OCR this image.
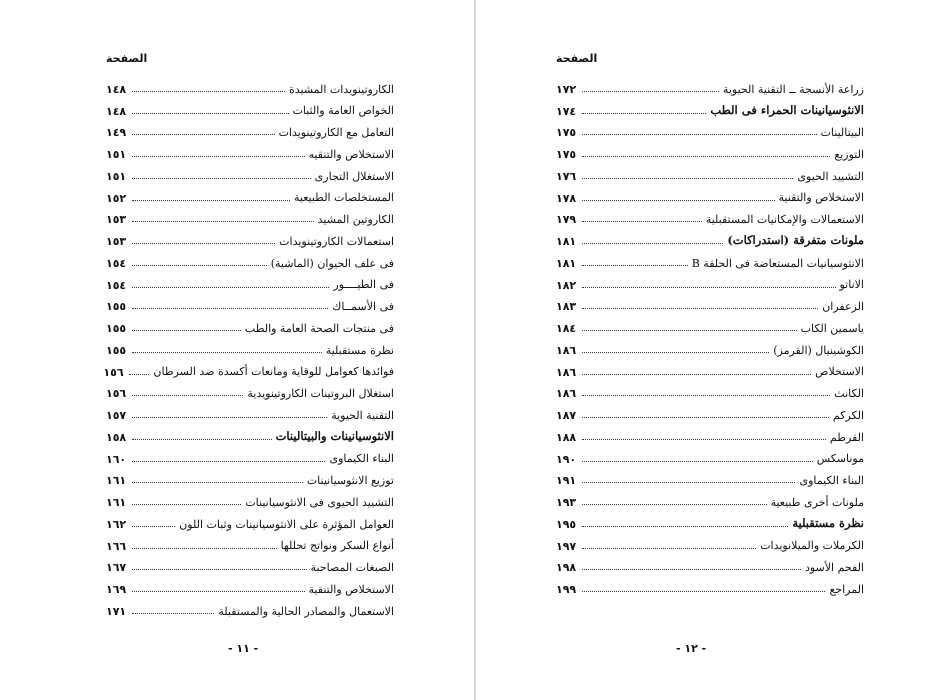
الصفحة
الكاروتينويدات المشيدة
١٤٨
الخواص العامة والثبات
١٤٨
التعامل مع الكاروتينويدات
١٤٩
الاستخلاص والتنقيه
١٥١
الاستغلال التجارى
١٥١
المستخلصات الطبيعية
١٥٢
الكاروتين المشيد
١٥٣
استعمالات الكاروتينويدات
١٥٣
فى علف الحيوان (الماشية)
١٥٤
فى الطيــــور
١٥٤
فى الأسمــاك
١٥٥
فى منتجات الصحة العامة والطب
١٥٥
نظرة مستقبلية
١٥٥
فوائدها كعوامل للوقاية ومانعات أكسدة ضد السرطان
١٥٦
استغلال البروتينات الكاروتينويدية
١٥٦
التقنية الحيوية
١٥٧
الانثوسيانينات والبيتالينات
١٥٨
البناء الكيماوى
١٦٠
توزيع الانثوسيانينات
١٦١
التشييد الحيوى فى الانثوسيانينات
١٦١
العوامل المؤثرة على الانثوسيانينات وثبات اللون
١٦٢
أنواع السكر ونواتج تحللها
١٦٦
الصبغات المصاحبة
١٦٧
الاستخلاص والتنقية
١٦٩
الاستعمال والمصادر الحالية والمستقبلة
١٧١
- ١١ -
الصفحة
زراعة الأنسجة ــ التقنية الحيوية
١٧٢
الانثوسيانينات الحمراء فى الطب
١٧٤
البيتالينات
١٧٥
التوزيع
١٧٥
التشييد الحيوى
١٧٦
الاستخلاص والتقنية
١٧٨
الاستعمالات والإمكانيات المستقبلية
١٧٩
ملونات متفرقة (استدراكات)
١٨١
الانثوسيانيات المستعاضة فى الحلقة B
١٨١
الاناتو
١٨٢
الزعفران
١٨٣
ياسمين الكاب
١٨٤
الكوشينيال (القرمز)
١٨٦
الاستخلاص
١٨٦
الكانث
١٨٦
الكركم
١٨٧
القرطم
١٨٨
موناسكس
١٩٠
البناء الكيماوى
١٩١
ملونات أخرى طبيعية
١٩٣
نظرة مستقبلية
١٩٥
الكرملات والميلانويدات
١٩٧
الفحم الأسود
١٩٨
المراجع
١٩٩
- ١٢ -
